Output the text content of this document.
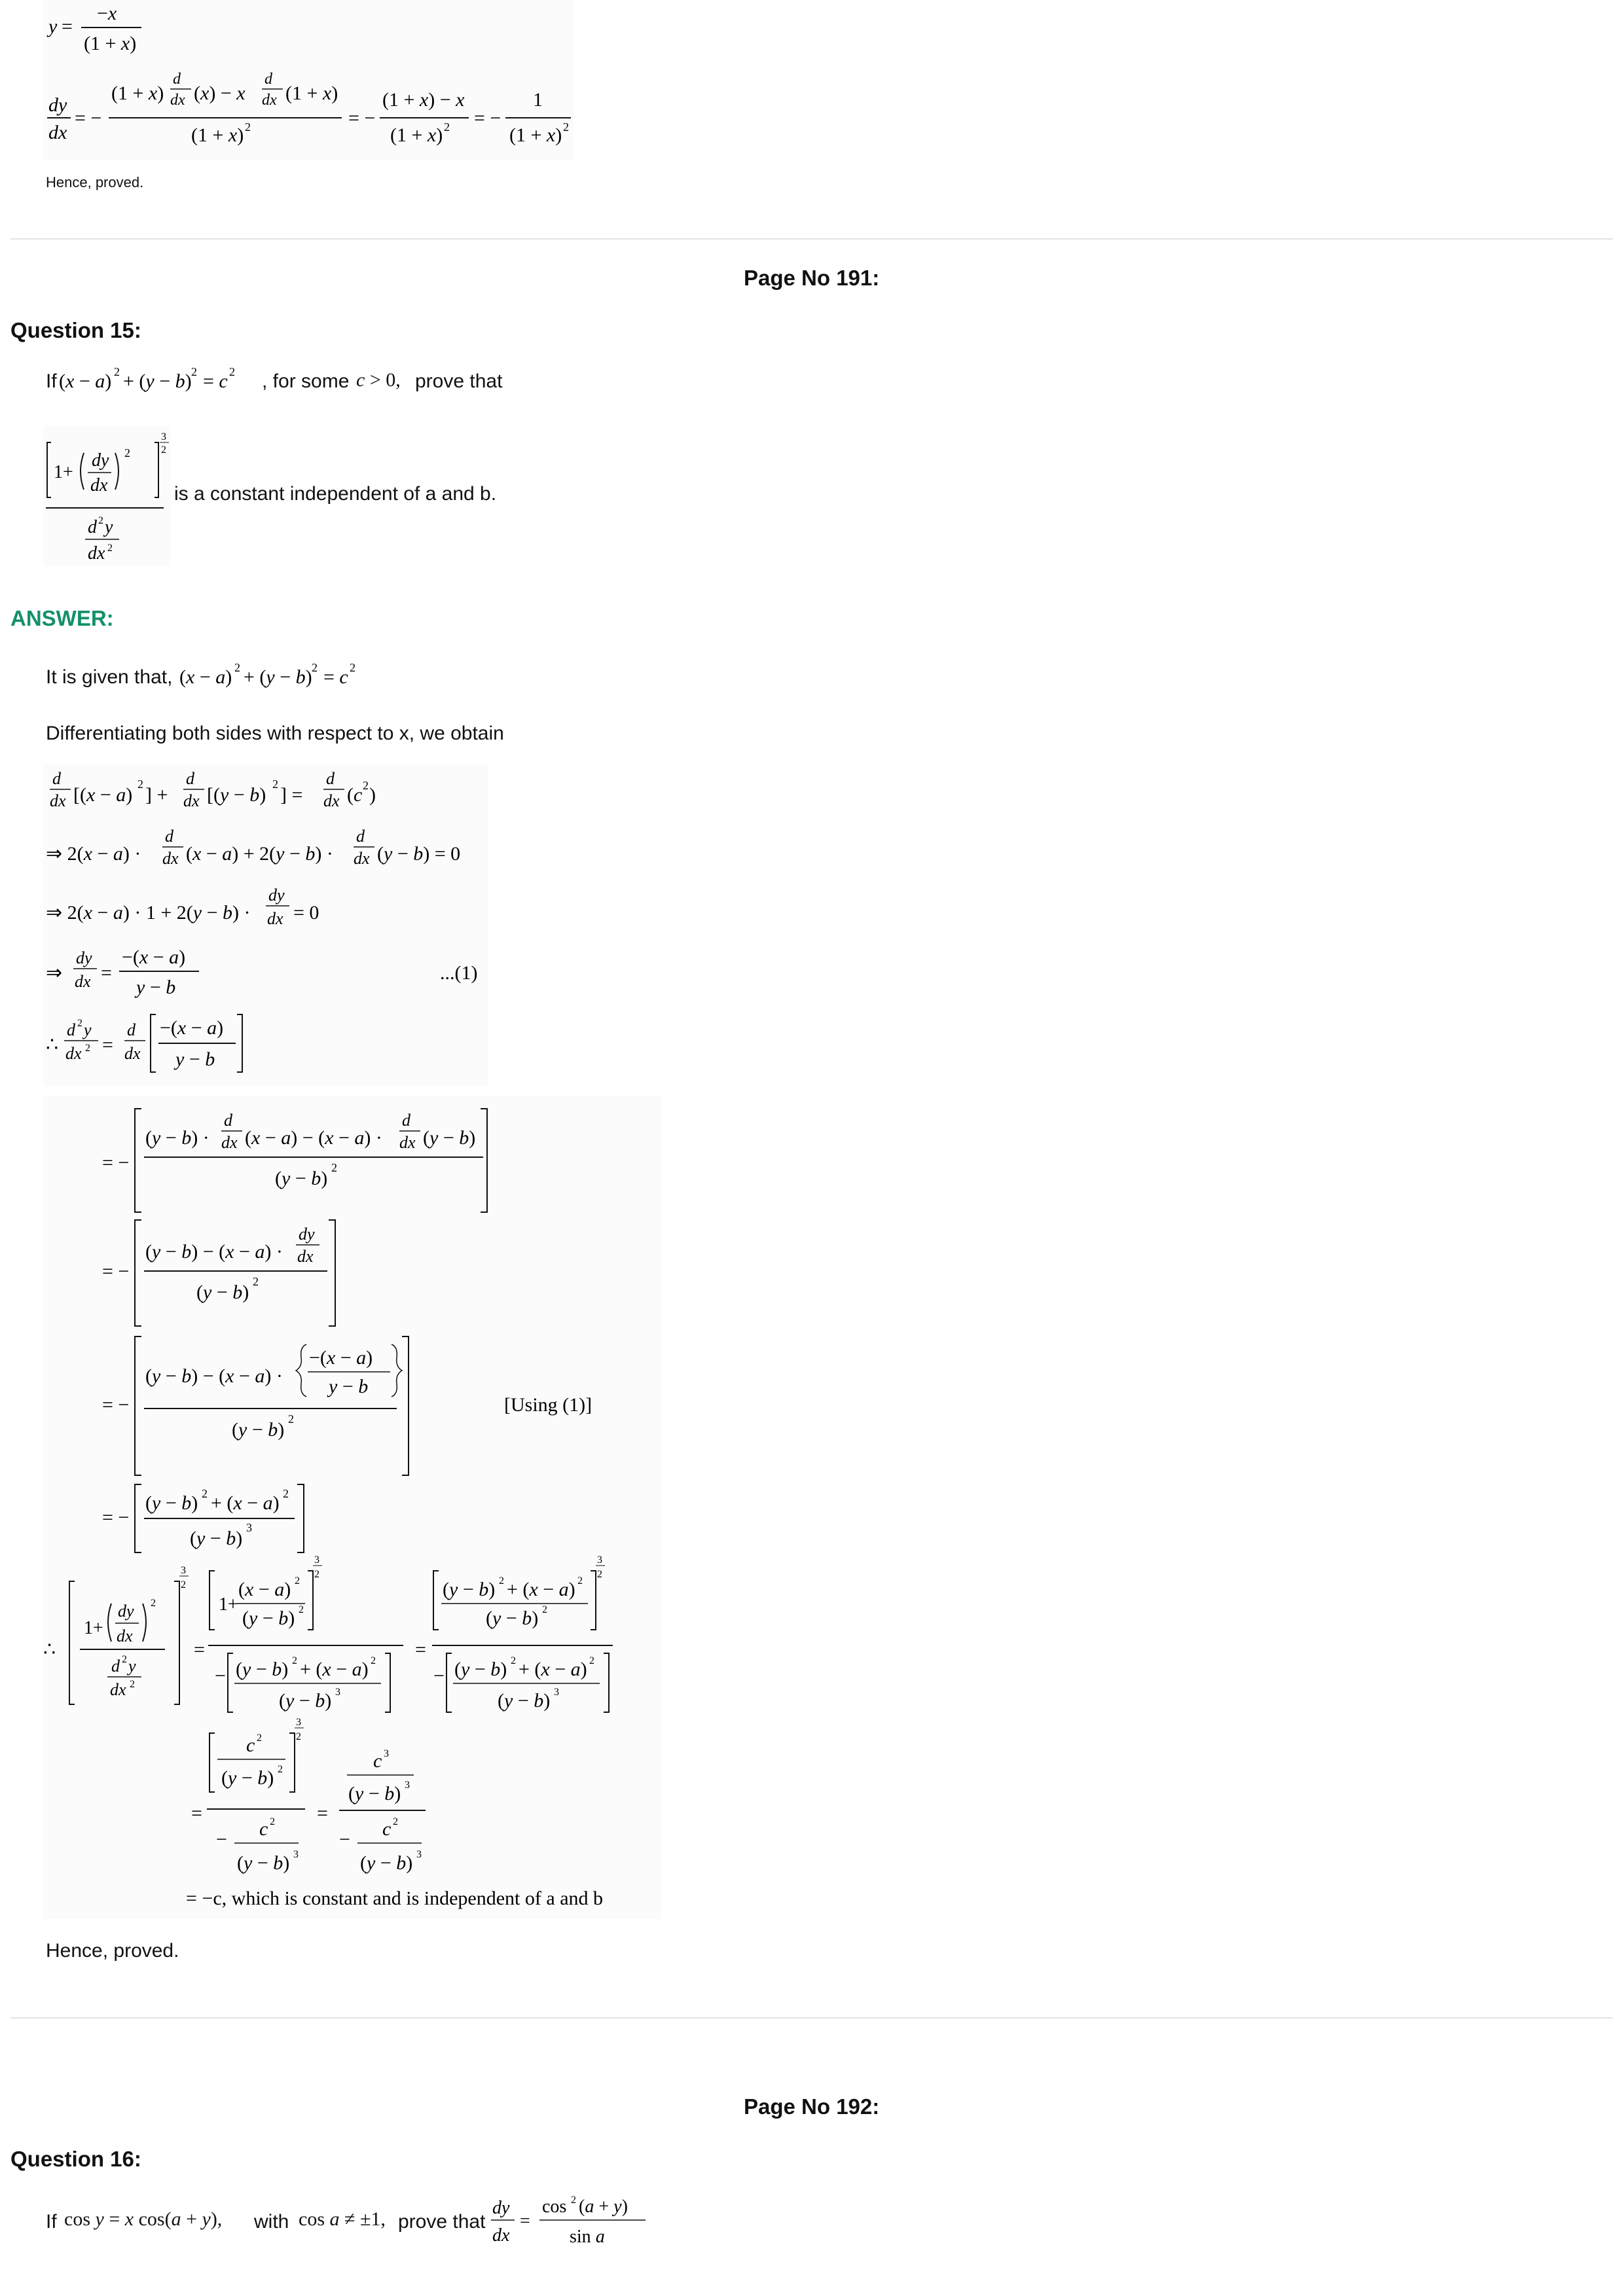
y =
−x
(1 + x)
dy
dx
= −
(1 + x)
d
dx (x) − x
d
dx (1 + x)
(1 + x) 2	= −
(1 + x) − x
(1 + x) 2 = −
1
(1 + x) 2
Hence, proved.
Page No 191:
Question 15:
If (x − a) 2 + (y − b) 2 = c 2 , for some c > 0, prove that
1+
dy
dx
2
3
2
d 2 y
dx 2
is a constant independent of a and b.
ANSWER:
It is given that, (x − a) 2 + (y − b) 2 = c 2
Differentiating both sides with respect to x, we obtain
d
dx [(x − a) 2 ] +
d
dx [(y − b) 2 ] =
d
dx (c 2 )
⇒ 2(x − a) ·
d
dx (x − a) + 2(y − b) ·
d
dx (y − b) = 0
⇒ 2(x − a) · 1 + 2(y − b) ·
dy
dx = 0
⇒
dy
dx =
−(x − a)
y − b
...(1)
∴
d 2 y
dx 2 =
d
dx
−(x − a)
y − b
= −
(y − b) ·
d
dx (x − a) − (x − a) ·
d
dx (y − b)
(y − b) 2
= −
(y − b) − (x − a) ·
dy
dx
(y − b) 2
= −
(y − b) − (x − a) ·
−(x − a)
y − b
(y − b) 2
[Using (1)]
= −
(y − b) 2 + (x − a) 2
(y − b) 3
∴
1+
dy
dx
2
d 2 y
dx 2
3
2
=
1+
(x − a) 2
(y − b) 2
3
2
− (y − b) 2 + (x − a) 2
(y − b) 3
=
(y − b) 2 + (x − a) 2
(y − b) 2
3
2
− (y − b) 2 + (x − a) 2
(y − b) 3
=
c 2
(y − b) 2
3
2
− c 2
(y − b) 3
=
c 3
(y − b) 3
− c 2
(y − b) 3
= −c, which is constant and is independent of a and b
Hence, proved.
Page No 192:
Question 16:
If cos y = x cos(a + y), with cos a ≠ ±1, prove that
dy
dx
=
cos 2 (a + y)
sin a
